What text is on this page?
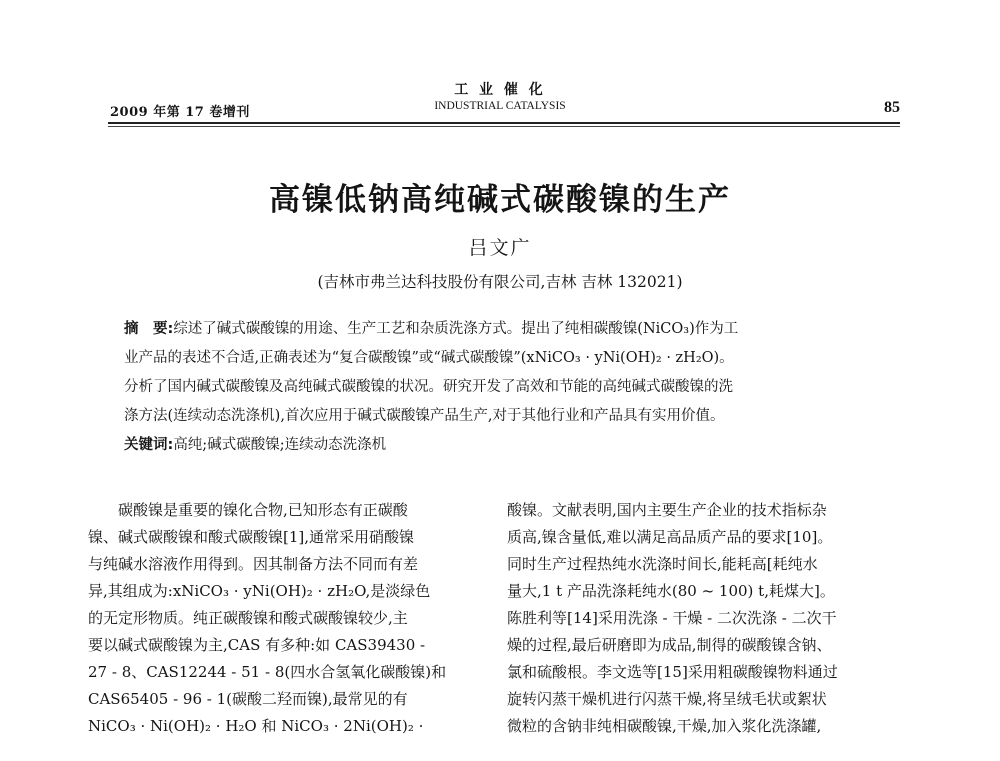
2009 年第 17 卷增刊
工 业 催 化
INDUSTRIAL CATALYSIS	85
高镍低钠高纯碱式碳酸镍的生产
吕文广
(吉林市弗兰达科技股份有限公司,吉林 吉林 132021)
摘　要:综述了碱式碳酸镍的用途、生产工艺和杂质洗涤方式。提出了纯相碳酸镍(NiCO₃)作为工
业产品的表述不合适,正确表述为“复合碳酸镍”或“碱式碳酸镍”(xNiCO₃ · yNi(OH)₂ · zH₂O)。
分析了国内碱式碳酸镍及高纯碱式碳酸镍的状况。研究开发了高效和节能的高纯碱式碳酸镍的洗
涤方法(连续动态洗涤机),首次应用于碱式碳酸镍产品生产,对于其他行业和产品具有实用价值。
关键词:高纯;碱式碳酸镍;连续动态洗涤机
　　碳酸镍是重要的镍化合物,已知形态有正碳酸
镍、碱式碳酸镍和酸式碳酸镍[1],通常采用硝酸镍
与纯碱水溶液作用得到。因其制备方法不同而有差
异,其组成为:xNiCO₃ · yNi(OH)₂ · zH₂O,是淡绿色
的无定形物质。纯正碳酸镍和酸式碳酸镍较少,主
要以碱式碳酸镍为主,CAS 有多种:如 CAS39430 -
27 - 8、CAS12244 - 51 - 8(四水合氢氧化碳酸镍)和
CAS65405 - 96 - 1(碳酸二羟而镍),最常见的有
NiCO₃ · Ni(OH)₂ · H₂O 和 NiCO₃ · 2Ni(OH)₂ ·
酸镍。文献表明,国内主要生产企业的技术指标杂
质高,镍含量低,难以满足高品质产品的要求[10]。
同时生产过程热纯水洗涤时间长,能耗高[耗纯水
量大,1 t 产品洗涤耗纯水(80 ~ 100) t,耗煤大]。
陈胜利等[14]采用洗涤 - 干燥 - 二次洗涤 - 二次干
燥的过程,最后研磨即为成品,制得的碳酸镍含钠、
氯和硫酸根。李文选等[15]采用粗碳酸镍物料通过
旋转闪蒸干燥机进行闪蒸干燥,将呈绒毛状或絮状
微粒的含钠非纯相碳酸镍,干燥,加入浆化洗涤罐,
